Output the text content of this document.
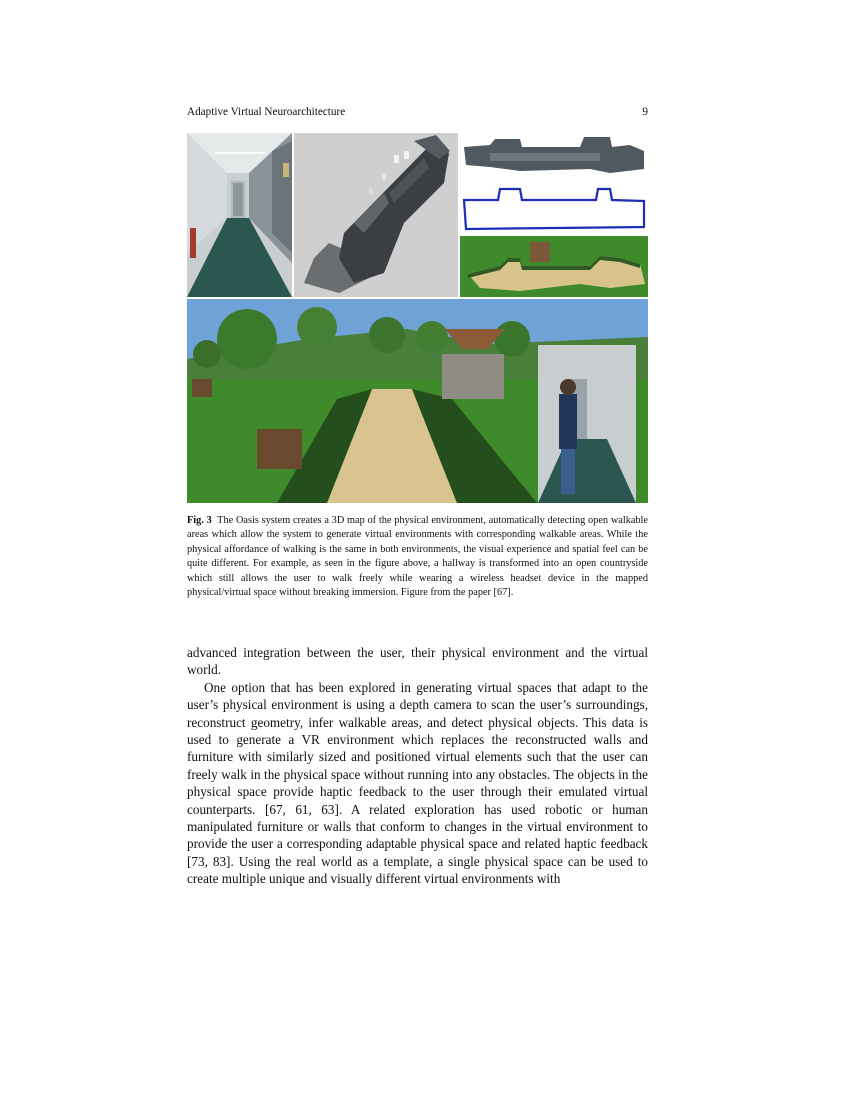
Adaptive Virtual Neuroarchitecture	9
Fig. 3 The Oasis system creates a 3D map of the physical environment, automatically detecting open walkable areas which allow the system to generate virtual environments with corresponding walkable areas. While the physical affordance of walking is the same in both environments, the visual experience and spatial feel can be quite different. For example, as seen in the figure above, a hallway is transformed into an open countryside which still allows the user to walk freely while wearing a wireless headset device in the mapped physical/virtual space without breaking immersion. Figure from the paper [67].

advanced integration between the user, their physical environment and the virtual world.

One option that has been explored in generating virtual spaces that adapt to the user’s physical environment is using a depth camera to scan the user’s surroundings, reconstruct geometry, infer walkable areas, and detect physical objects. This data is used to generate a VR environment which replaces the reconstructed walls and furniture with similarly sized and positioned virtual elements such that the user can freely walk in the physical space without running into any obstacles. The objects in the physical space provide haptic feedback to the user through their emulated virtual counterparts. [67, 61, 63]. A related exploration has used robotic or human manipulated furniture or walls that conform to changes in the virtual environment to provide the user a corresponding adaptable physical space and related haptic feedback [73, 83]. Using the real world as a template, a single physical space can be used to create multiple unique and visually different virtual environments with
